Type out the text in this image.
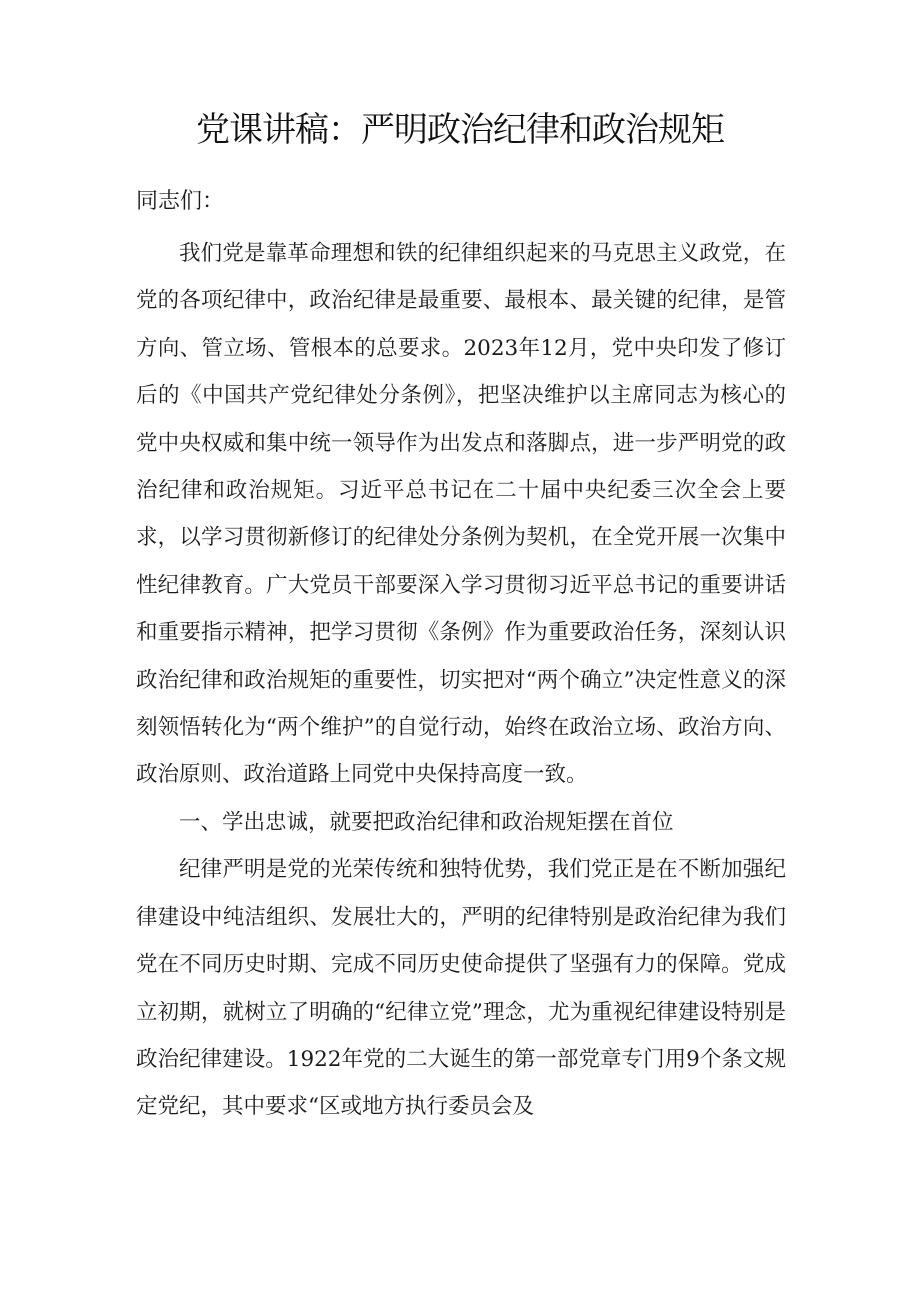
党课讲稿：严明政治纪律和政治规矩
同志们：

我们党是靠革命理想和铁的纪律组织起来的马克思主义政党，在党的各项纪律中，政治纪律是最重要、最根本、最关键的纪律，是管方向、管立场、管根本的总要求。2023年12月，党中央印发了修订后的《中国共产党纪律处分条例》，把坚决维护以主席同志为核心的党中央权威和集中统一领导作为出发点和落脚点，进一步严明党的政治纪律和政治规矩。习近平总书记在二十届中央纪委三次全会上要求，以学习贯彻新修订的纪律处分条例为契机，在全党开展一次集中性纪律教育。广大党员干部要深入学习贯彻习近平总书记的重要讲话和重要指示精神，把学习贯彻《条例》作为重要政治任务，深刻认识政治纪律和政治规矩的重要性，切实把对“两个确立”决定性意义的深刻领悟转化为“两个维护”的自觉行动，始终在政治立场、政治方向、政治原则、政治道路上同党中央保持高度一致。

一、学出忠诚，就要把政治纪律和政治规矩摆在首位

纪律严明是党的光荣传统和独特优势，我们党正是在不断加强纪律建设中纯洁组织、发展壮大的，严明的纪律特别是政治纪律为我们党在不同历史时期、完成不同历史使命提供了坚强有力的保障。党成立初期，就树立了明确的“纪律立党”理念，尤为重视纪律建设特别是政治纪律建设。1922年党的二大诞生的第一部党章专门用9个条文规定党纪，其中要求“区或地方执行委员会及
